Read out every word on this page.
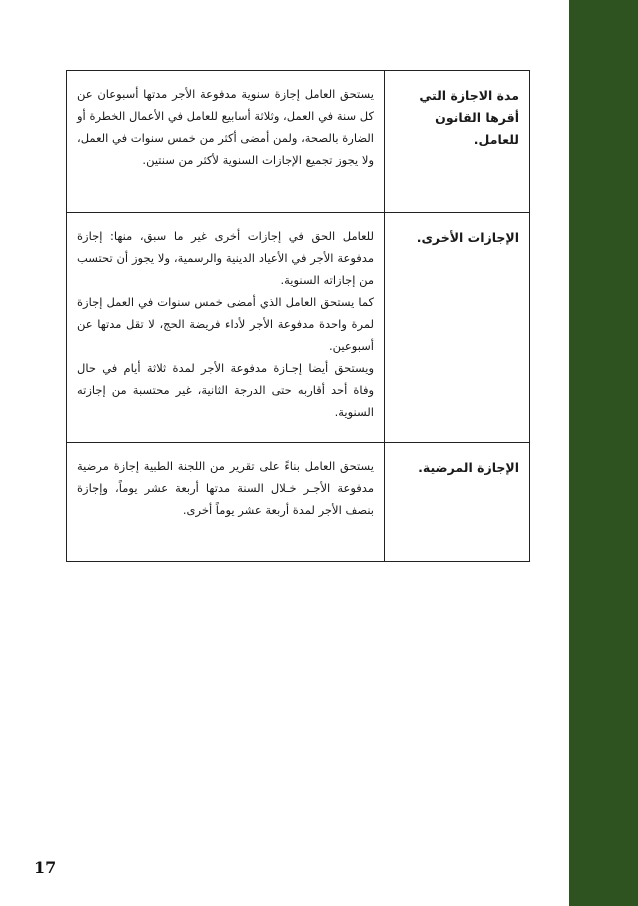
مدة الاجازة التي أقرها القانون للعامل.	يستحق العامل إجازة سنوية مدفوعة الأجر مدتها أسبوعان عن كل سنة في العمل، وثلاثة أسابيع للعامل في الأعمال الخطرة أو الضارة بالصحة، ولمن أمضى أكثر من خمس سنوات في العمل، ولا يجوز تجميع الإجازات السنوية لأكثر من سنتين.

الإجازات الأخرى.	للعامل الحق في إجازات أخرى غير ما سبق، منها: إجازة مدفوعة الأجر في الأعياد الدينية والرسمية، ولا يجوز أن تحتسب من إجازاته السنوية.

كما يستحق العامل الذي أمضى خمس سنوات في العمل إجازة لمرة واحدة مدفوعة الأجر لأداء فريضة الحج، لا تقل مدتها عن أسبوعين.

ويستحق أيضا إجـازة مدفوعة الأجر لمدة ثلاثة أيام في حال وفاة أحد أقاربه حتى الدرجة الثانية، غير محتسبة من إجازته السنوية.

الإجازة المرضية.	يستحق العامل بناءً على تقرير من اللجنة الطبية إجازة مرضية مدفوعة الأجـر خـلال السنة مدتها أربعة عشر يوماً، وإجازة بنصف الأجر لمدة أربعة عشر يوماً أخرى.

17
